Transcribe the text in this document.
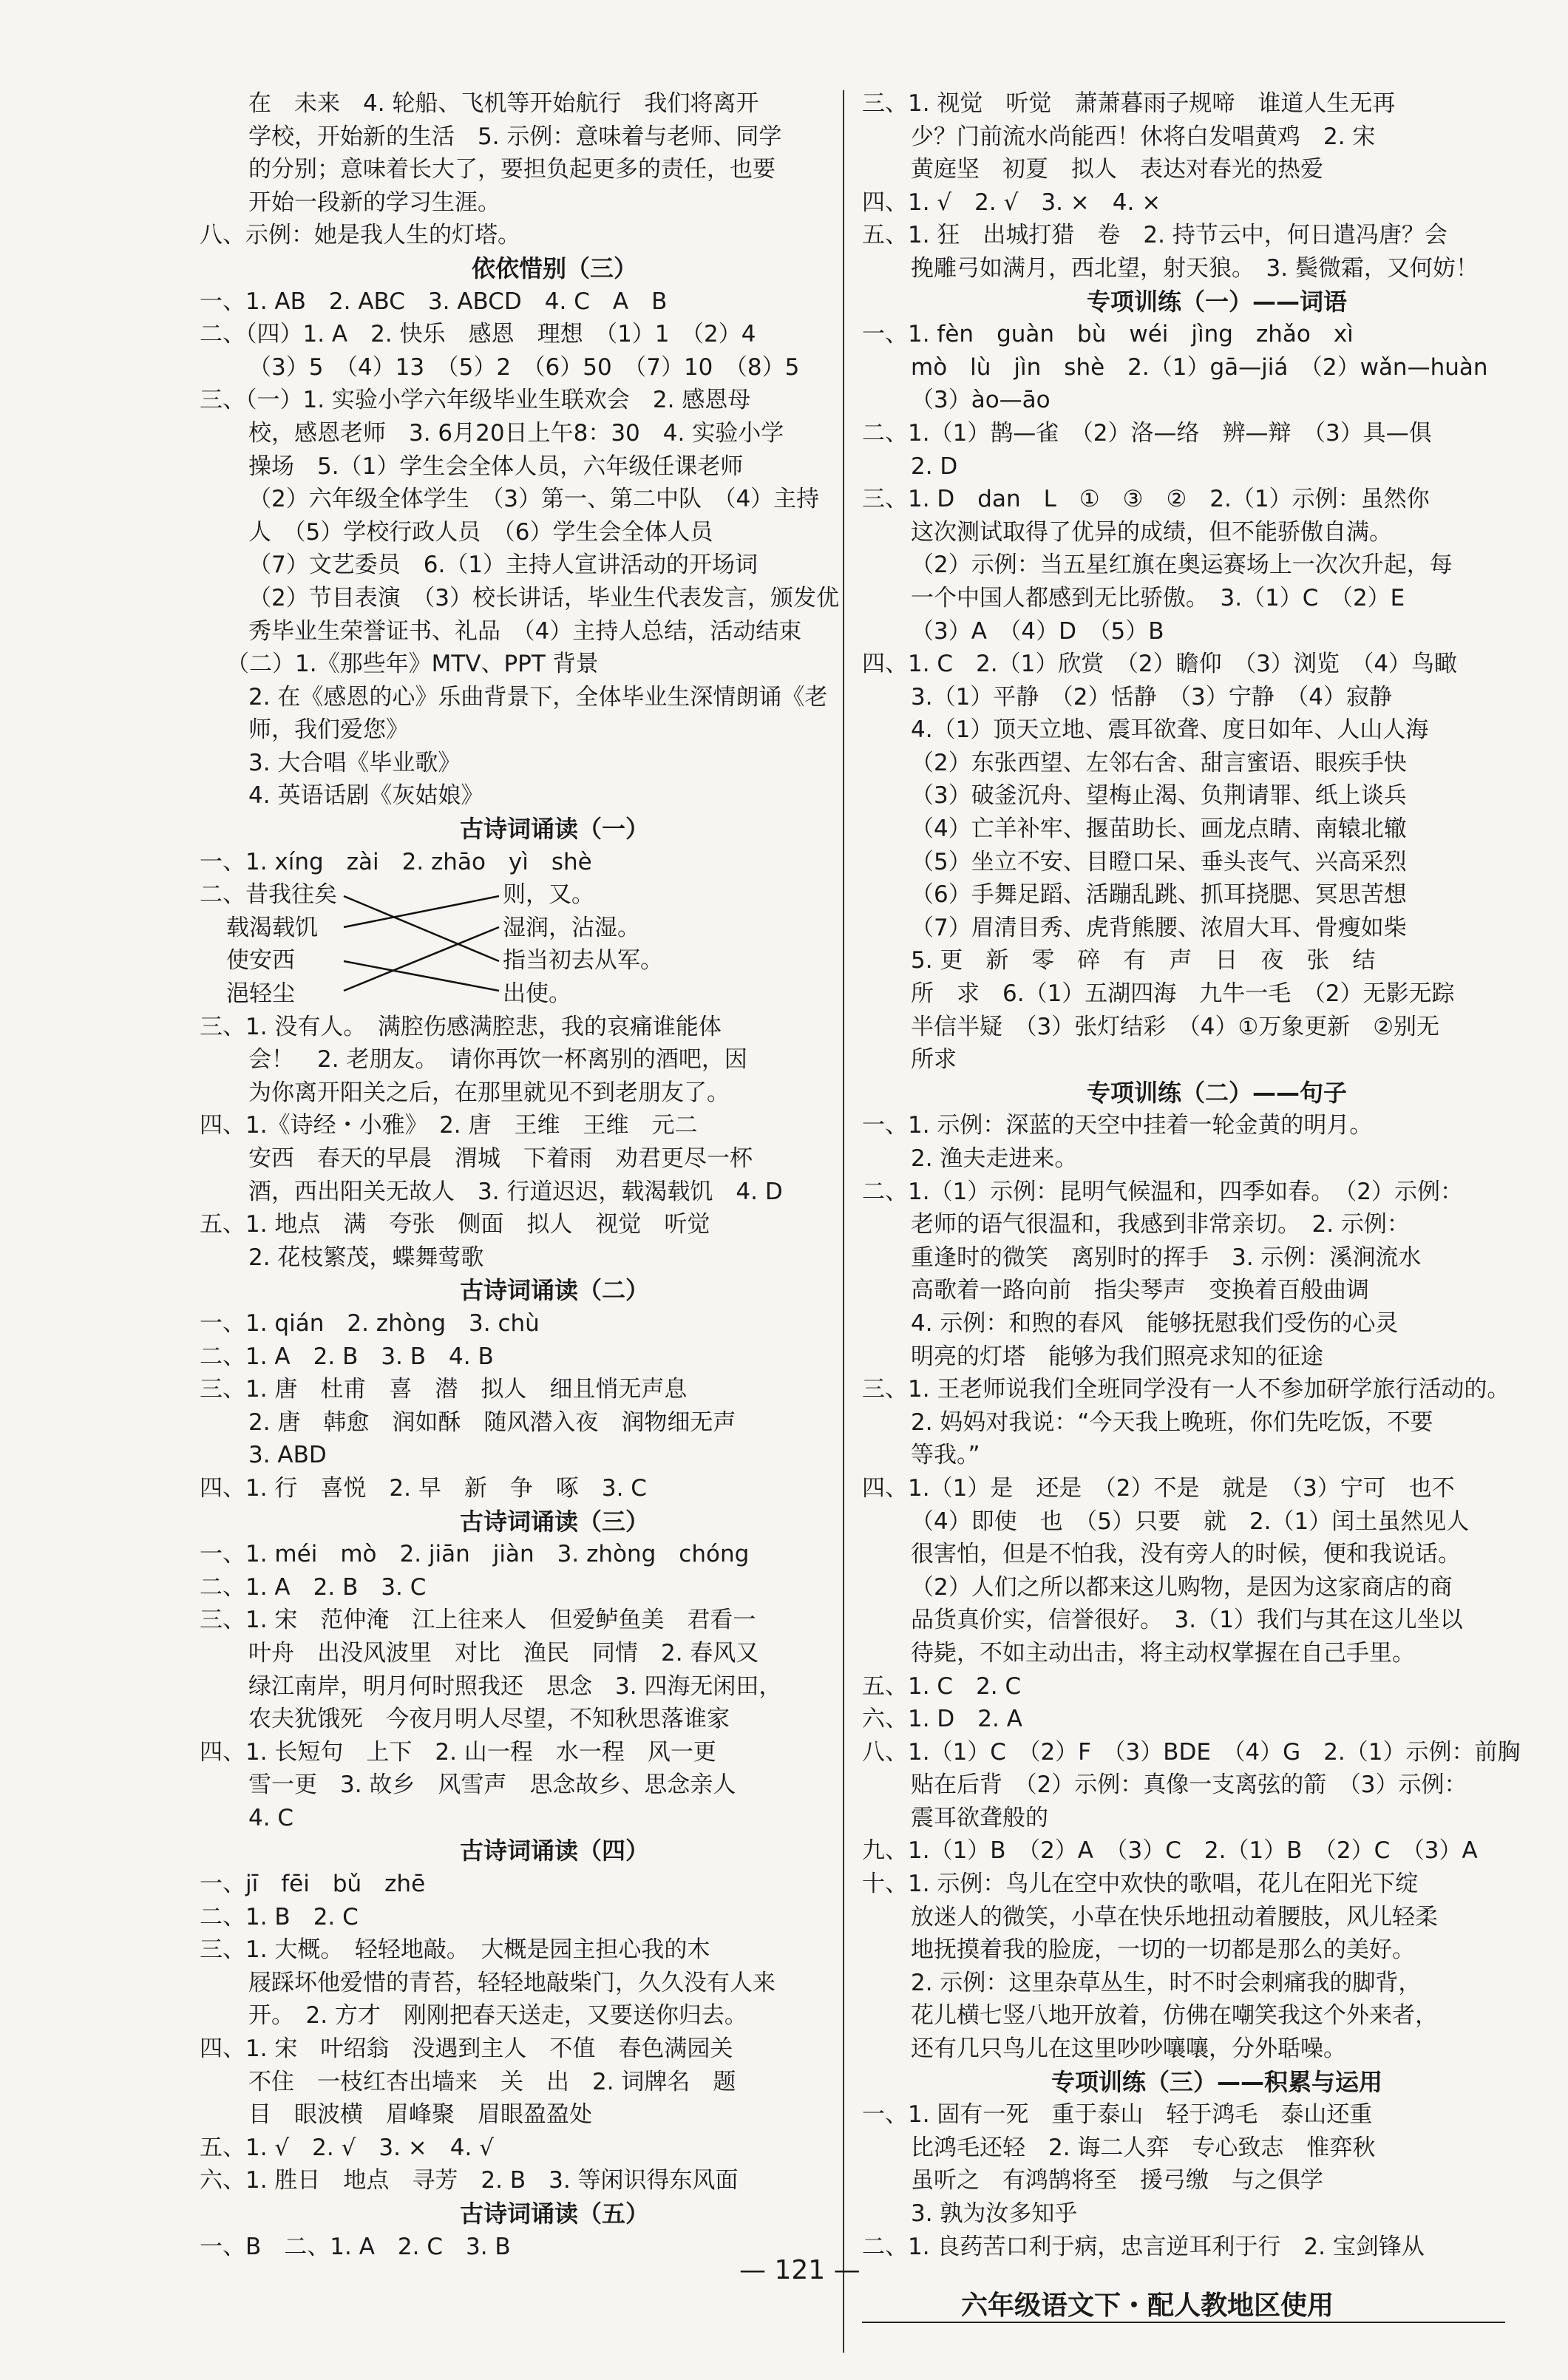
在　未来　4. 轮船、飞机等开始航行　我们将离开
学校，开始新的生活　5. 示例：意味着与老师、同学
的分别；意味着长大了，要担负起更多的责任，也要
开始一段新的学习生涯。
八、示例：她是我人生的灯塔。
依依惜别（三）
一、1. AB　2. ABC　3. ABCD　4. C　A　B
二、（四）1. A　2. 快乐　感恩　理想　（1）1　（2）4
（3）5　（4）13　（5）2　（6）50　（7）10　（8）5
三、（一）1. 实验小学六年级毕业生联欢会　2. 感恩母
校，感恩老师　3. 6月20日上午8：30　4. 实验小学
操场　5.（1）学生会全体人员，六年级任课老师
（2）六年级全体学生　（3）第一、第二中队　（4）主持
人　（5）学校行政人员　（6）学生会全体人员
（7）文艺委员　6.（1）主持人宣讲活动的开场词
（2）节目表演　（3）校长讲话，毕业生代表发言，颁发优
秀毕业生荣誉证书、礼品　（4）主持人总结，活动结束
（二）1.《那些年》MTV、PPT 背景
2. 在《感恩的心》乐曲背景下，全体毕业生深情朗诵《老
师，我们爱您》
3. 大合唱《毕业歌》
4. 英语话剧《灰姑娘》
古诗词诵读（一）
一、1. xíng　zài　2. zhāo　yì　shè
二、昔我往矣	则，又。
载渴载饥	湿润，沾湿。
使安西	指当初去从军。
浥轻尘	出使。
三、1. 没有人。　满腔伤感满腔悲，我的哀痛谁能体
会！　2. 老朋友。　请你再饮一杯离别的酒吧，因
为你离开阳关之后，在那里就见不到老朋友了。
四、1.《诗经・小雅》　2. 唐　王维　王维　元二
安西　春天的早晨　渭城　下着雨　劝君更尽一杯
酒，西出阳关无故人　3. 行道迟迟，载渴载饥　4. D
五、1. 地点　满　夸张　侧面　拟人　视觉　听觉
2. 花枝繁茂，蝶舞莺歌
古诗词诵读（二）
一、1. qián　2. zhòng　3. chù
二、1. A　2. B　3. B　4. B
三、1. 唐　杜甫　喜　潜　拟人　细且悄无声息
2. 唐　韩愈　润如酥　随风潜入夜　润物细无声
3. ABD
四、1. 行　喜悦　2. 早　新　争　啄　3. C
古诗词诵读（三）
一、1. méi　mò　2. jiān　jiàn　3. zhòng　chóng
二、1. A　2. B　3. C
三、1. 宋　范仲淹　江上往来人　但爱鲈鱼美　君看一
叶舟　出没风波里　对比　渔民　同情　2. 春风又
绿江南岸，明月何时照我还　思念　3. 四海无闲田，
农夫犹饿死　今夜月明人尽望，不知秋思落谁家
四、1. 长短句　上下　2. 山一程　水一程　风一更
雪一更　3. 故乡　风雪声　思念故乡、思念亲人
4. C
古诗词诵读（四）
一、jī　fēi　bǔ　zhē
二、1. B　2. C
三、1. 大概。　轻轻地敲。　大概是园主担心我的木
屐踩坏他爱惜的青苔，轻轻地敲柴门，久久没有人来
开。　2. 方才　刚刚把春天送走，又要送你归去。
四、1. 宋　叶绍翁　没遇到主人　不值　春色满园关
不住　一枝红杏出墙来　关　出　2. 词牌名　题
目　眼波横　眉峰聚　眉眼盈盈处
五、1. √　2. √　3. ×　4. √
六、1. 胜日　地点　寻芳　2. B　3. 等闲识得东风面
古诗词诵读（五）
一、B　二、1. A　2. C　3. B
三、1. 视觉　听觉　萧萧暮雨子规啼　谁道人生无再
少？门前流水尚能西！休将白发唱黄鸡　2. 宋
黄庭坚　初夏　拟人　表达对春光的热爱
四、1. √　2. √　3. ×　4. ×
五、1. 狂　出城打猎　卷　2. 持节云中，何日遣冯唐？会
挽雕弓如满月，西北望，射天狼。　3. 鬓微霜，又何妨！
专项训练（一）——词语
一、1. fèn　guàn　bù　wéi　jìng　zhǎo　xì
mò　lù　jìn　shè　2.（1）gā—jiá　（2）wǎn—huàn
（3）ào—āo
二、1.（1）鹊—雀　（2）洛—络　辨—辩　（3）具—俱
2. D
三、1. D　dan　L　①　③　②　2.（1）示例：虽然你
这次测试取得了优异的成绩，但不能骄傲自满。
（2）示例：当五星红旗在奥运赛场上一次次升起，每
一个中国人都感到无比骄傲。　3.（1）C　（2）E
（3）A　（4）D　（5）B
四、1. C　2.（1）欣赏　（2）瞻仰　（3）浏览　（4）鸟瞰
3.（1）平静　（2）恬静　（3）宁静　（4）寂静
4.（1）顶天立地、震耳欲聋、度日如年、人山人海
（2）东张西望、左邻右舍、甜言蜜语、眼疾手快
（3）破釜沉舟、望梅止渴、负荆请罪、纸上谈兵
（4）亡羊补牢、揠苗助长、画龙点睛、南辕北辙
（5）坐立不安、目瞪口呆、垂头丧气、兴高采烈
（6）手舞足蹈、活蹦乱跳、抓耳挠腮、冥思苦想
（7）眉清目秀、虎背熊腰、浓眉大耳、骨瘦如柴
5. 更　新　零　碎　有　声　日　夜　张　结
所　求　6.（1）五湖四海　九牛一毛　（2）无影无踪
半信半疑　（3）张灯结彩　（4）①万象更新　②别无
所求
专项训练（二）——句子
一、1. 示例：深蓝的天空中挂着一轮金黄的明月。
2. 渔夫走进来。
二、1.（1）示例：昆明气候温和，四季如春。　（2）示例：
老师的语气很温和，我感到非常亲切。　2. 示例：
重逢时的微笑　离别时的挥手　3. 示例：溪涧流水
高歌着一路向前　指尖琴声　变换着百般曲调
4. 示例：和煦的春风　能够抚慰我们受伤的心灵
明亮的灯塔　能够为我们照亮求知的征途
三、1. 王老师说我们全班同学没有一人不参加研学旅行活动的。
2. 妈妈对我说：“今天我上晚班，你们先吃饭，不要
等我。”
四、1.（1）是　还是　（2）不是　就是　（3）宁可　也不
（4）即使　也　（5）只要　就　2.（1）闰土虽然见人
很害怕，但是不怕我，没有旁人的时候，便和我说话。
（2）人们之所以都来这儿购物，是因为这家商店的商
品货真价实，信誉很好。　3.（1）我们与其在这儿坐以
待毙，不如主动出击，将主动权掌握在自己手里。
五、1. C　2. C
六、1. D　2. A
八、1.（1）C　（2）F　（3）BDE　（4）G　2.（1）示例：前胸
贴在后背　（2）示例：真像一支离弦的箭　（3）示例：
震耳欲聋般的
九、1.（1）B　（2）A　（3）C　2.（1）B　（2）C　（3）A
十、1. 示例：鸟儿在空中欢快的歌唱，花儿在阳光下绽
放迷人的微笑，小草在快乐地扭动着腰肢，风儿轻柔
地抚摸着我的脸庞，一切的一切都是那么的美好。
2. 示例：这里杂草丛生，时不时会刺痛我的脚背，
花儿横七竖八地开放着，仿佛在嘲笑我这个外来者，
还有几只鸟儿在这里吵吵嚷嚷，分外聒噪。
专项训练（三）——积累与运用
一、1. 固有一死　重于泰山　轻于鸿毛　泰山还重
比鸿毛还轻　2. 诲二人弈　专心致志　惟弈秋
虽听之　有鸿鹄将至　援弓缴　与之俱学
3. 孰为汝多知乎
二、1. 良药苦口利于病，忠言逆耳利于行　2. 宝剑锋从
— 121 —
六年级语文下・配人教地区使用
